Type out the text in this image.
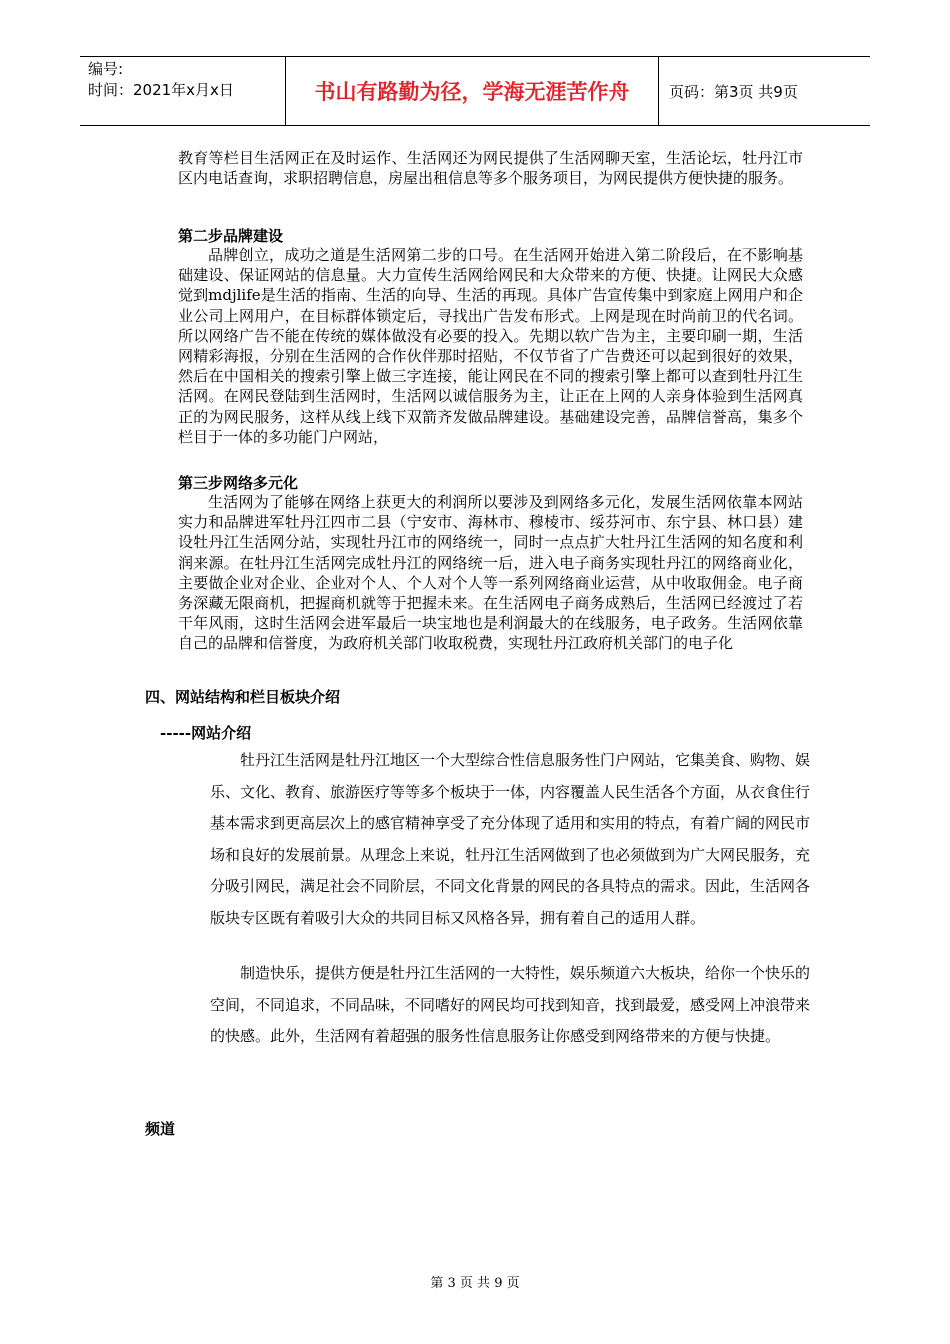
编号:
时间：2021年x月x日	书山有路勤为径，学海无涯苦作舟	页码：第3页 共9页

教育等栏目生活网正在及时运作、生活网还为网民提供了生活网聊天室，生活论坛，牡丹江市区内电话查询，求职招聘信息，房屋出租信息等多个服务项目，为网民提供方便快捷的服务。

第二步品牌建设

品牌创立，成功之道是生活网第二步的口号。在生活网开始进入第二阶段后，在不影响基础建设、保证网站的信息量。大力宣传生活网给网民和大众带来的方便、快捷。让网民大众感觉到mdjlife是生活的指南、生活的向导、生活的再现。具体广告宣传集中到家庭上网用户和企业公司上网用户，在目标群体锁定后，寻找出广告发布形式。上网是现在时尚前卫的代名词。所以网络广告不能在传统的媒体做没有必要的投入。先期以软广告为主，主要印刷一期，生活网精彩海报，分别在生活网的合作伙伴那时招贴，不仅节省了广告费还可以起到很好的效果，然后在中国相关的搜索引擎上做三字连接，能让网民在不同的搜索引擎上都可以查到牡丹江生活网。在网民登陆到生活网时，生活网以诚信服务为主，让正在上网的人亲身体验到生活网真正的为网民服务，这样从线上线下双箭齐发做品牌建设。基础建设完善，品牌信誉高，集多个栏目于一体的多功能门户网站，

第三步网络多元化

生活网为了能够在网络上获更大的利润所以要涉及到网络多元化，发展生活网依靠本网站实力和品牌进军牡丹江四市二县（宁安市、海林市、穆棱市、绥芬河市、东宁县、林口县）建设牡丹江生活网分站，实现牡丹江市的网络统一，同时一点点扩大牡丹江生活网的知名度和利润来源。在牡丹江生活网完成牡丹江的网络统一后，进入电子商务实现牡丹江的网络商业化，主要做企业对企业、企业对个人、个人对个人等一系列网络商业运营，从中收取佣金。电子商务深藏无限商机，把握商机就等于把握未来。在生活网电子商务成熟后，生活网已经渡过了若干年风雨，这时生活网会进军最后一块宝地也是利润最大的在线服务，电子政务。生活网依靠自己的品牌和信誉度，为政府机关部门收取税费，实现牡丹江政府机关部门的电子化

四、网站结构和栏目板块介绍

-----网站介绍

牡丹江生活网是牡丹江地区一个大型综合性信息服务性门户网站，它集美食、购物、娱乐、文化、教育、旅游医疗等等多个板块于一体，内容覆盖人民生活各个方面，从衣食住行基本需求到更高层次上的感官精神享受了充分体现了适用和实用的特点，有着广阔的网民市场和良好的发展前景。从理念上来说，牡丹江生活网做到了也必须做到为广大网民服务，充分吸引网民，满足社会不同阶层，不同文化背景的网民的各具特点的需求。因此，生活网各版块专区既有着吸引大众的共同目标又风格各异，拥有着自己的适用人群。

制造快乐，提供方便是牡丹江生活网的一大特性，娱乐频道六大板块，给你一个快乐的空间，不同追求，不同品味，不同嗜好的网民均可找到知音，找到最爱，感受网上冲浪带来的快感。此外，生活网有着超强的服务性信息服务让你感受到网络带来的方便与快捷。

频道

第 3 页 共 9 页
